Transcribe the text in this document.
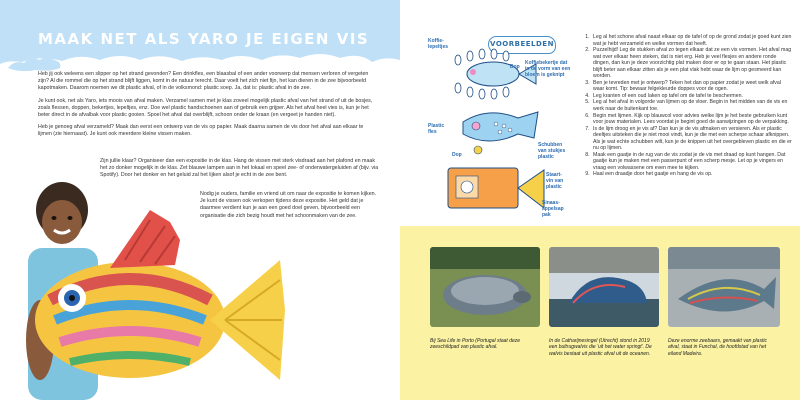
MAAK NET ALS YARO JE EIGEN VIS

Heb jij ook weleens een slipper op het strand gevonden? Een drinkfles, een blaasbal of een ander voorwerp dat mensen verloren of vergeten zijn? Al die rommel die op het strand blijft liggen, komt in de natuur terecht. Daar voelt het zich niet fijn, het kan dieren in de zee bijvoorbeeld kapotmaken. Daarom noemen we dit plastic afval, of in de volksmond: plastic soep. Ja, dat is: plastic afval in de zee.

Je kunt ook, net als Yaro, iets moois van afval maken. Verzamel samen met je klas zoveel mogelijk plastic afval van het strand of uit de bosjes, zoals flessen, doppen, bekertjes, lepeltjes, enz. Doe wel plastic handschoenen aan of gebruik een grijper. Als het afval heel vies is, kun je het beter direct in de afvalbak voor plastic gooien. Spoel het afval dat overblijft, schoon onder de kraan (en vergeet je handen niet).

Heb je genoeg afval verzameld? Maak dan eerst een ontwerp van de vis op papier. Maak daarna samen de vis door het afval aan elkaar te lijmen (zie hiernaast). Je kunt ook meerdere kleine vissen maken.

Zijn jullie klaar? Organiseer dan een expositie in de klas. Hang de vissen met sterk visdraad aan het plafond en maak het zo donker mogelijk in de klas. Zet blauwe lampen aan in het lokaal en speel zee- of onderwatergeluiden af (bijv. via Spotify). Door het donker en het geluid zal het lijken alsof je echt in de zee bent.
Nodig je ouders, familie en vriend uit om naar de expositie te komen kijken. Je kunt de vissen ook verkopen tijdens deze expositie. Het geld dat je daarmee verdient kun je aan een goed doel geven, bijvoorbeeld een organisatie die zich bezig houdt met het schoonmaken van de zee.
VOORBEELDEN
Koffie-
lepeltjes
Dop
Koffiebekertje dat
in de vorm van een
bloem is geknipt
Plastic
fles
Dop
Schubben
van stukjes
plastic
Staart-
vin van
plastic
Sinaas-
appelsap
pak
1. Leg al het schone afval naast elkaar op de tafel of op de grond zodat je goed kunt zien wat je hebt verzameld en welke vormen dat heeft.
2. Puzzelhijd! Leg de stukken afval zo tegen elkaar dat ze een vis vormen. Het afval mag wat over elkaar heen steken, dat is niet erg. Heb je veel flesjes en andere ronde dingen, dan kun je deze voorzichtig plat maken door er op te gaan staan. Het plastic blijft beter aan elkaar zitten als je een plat vlak hebt waar de lijm op gesmeerd kan worden.
3. Ben je tevreden met je ontwerp? Teken het dan op papier zodat je weet welk afval waar komt. Tip: bewaar felgekleurde doppes voor de ogen.
4. Leg kranten of een oud laken op tafel om de tafel te beschermen.
5. Leg al het afval in volgorde van lijmen op de vloer. Begin in het midden van de vis en werk naar de buitenkant toe.
6. Begin met lijmen. Kijk op blauwcol voor advies welke lijm je het beste gebruiken kunt voor jouw materialen. Lees voordat je begint goed de aanwijzingen op de verpakking.
7. Is de lijm droog en je vis af? Dan kun je de vis afmaken en versieren. Als er plastic deeltjes uitsteken die je niet mooi vindt, kun je die met een scherpe schaar afknippen. Als je wat echte schubben wilt, kun je de knippen uit het overgebleven plastic en die er nu op lijmen.
8. Maak een gaatje in de rug van de vis zodat je de vis met draad op kunt hangen. Dat gaatje kun je maken met een passerpunt of een scherp mesje. Let op je vingers en vraag een volwassene om even mee te kijken.
9. Haal een draadje door het gaatje en hang de vis op.
Bij Sea Life in Porto (Portugal staat deze zeeschildpad van plastic afval.
In de Catharijnesingel (Utrecht) stond in 2019 een bultrugwalvis die 'uit het water springt'. De walvis bestaat uit plastic afval uit de oceanen.
Deze enorme zeebaars, gemaakt van plastic afval, staat in Funchal, de hoofdstad van het eiland Madeira.
